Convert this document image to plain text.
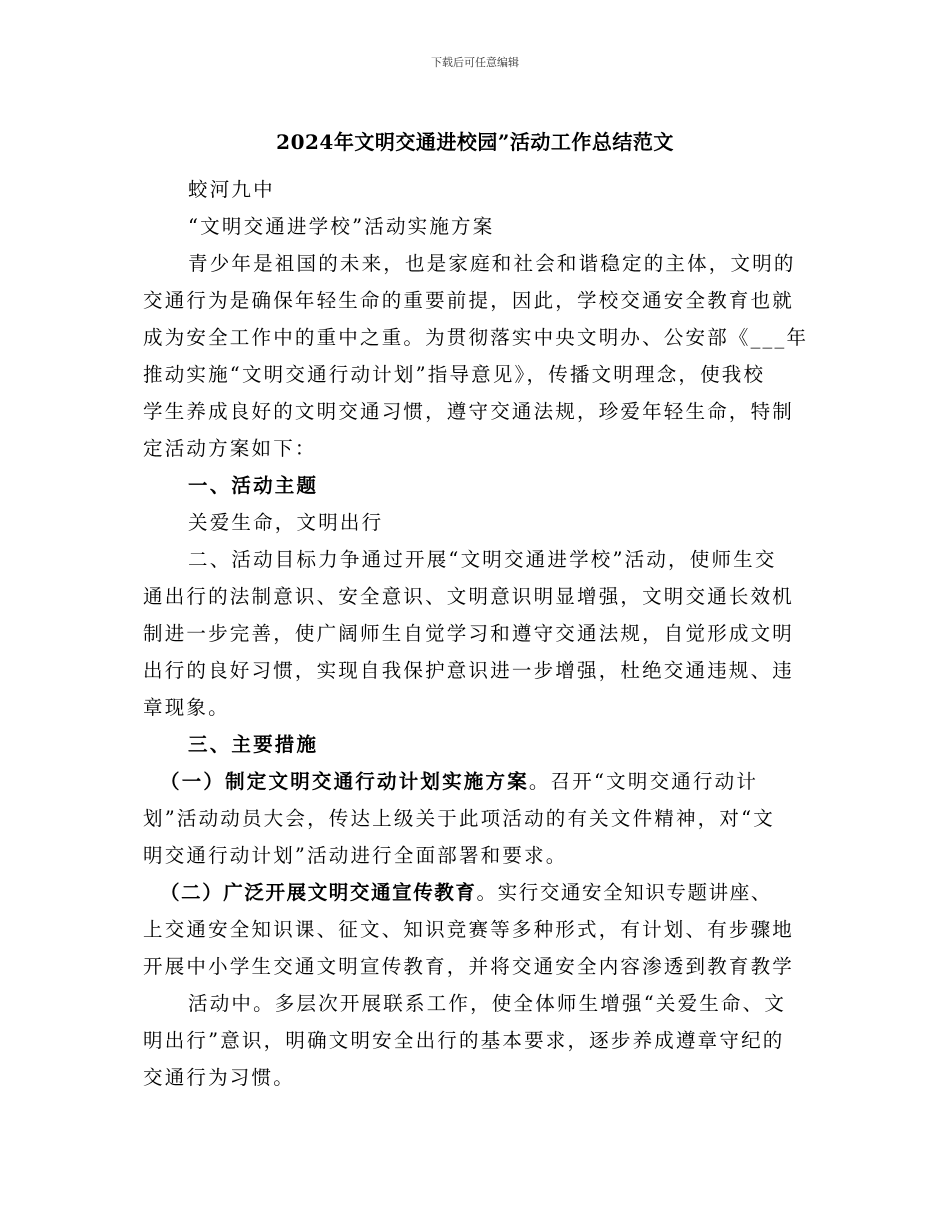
下载后可任意编辑
2024年文明交通进校园”活动工作总结范文
蛟河九中
“文明交通进学校”活动实施方案
青少年是祖国的未来，也是家庭和社会和谐稳定的主体，文明的
交通行为是确保年轻生命的重要前提，因此，学校交通安全教育也就
成为安全工作中的重中之重。为贯彻落实中央文明办、公安部《___年
推动实施“文明交通行动计划”指导意见》，传播文明理念，使我校
学生养成良好的文明交通习惯，遵守交通法规，珍爱年轻生命，特制
定活动方案如下：
一、活动主题
关爱生命，文明出行
二、活动目标力争通过开展“文明交通进学校”活动，使师生交
通出行的法制意识、安全意识、文明意识明显增强，文明交通长效机
制进一步完善，使广阔师生自觉学习和遵守交通法规，自觉形成文明
出行的良好习惯，实现自我保护意识进一步增强，杜绝交通违规、违
章现象。
三、主要措施
（一）制定文明交通行动计划实施方案。召开“文明交通行动计
划”活动动员大会，传达上级关于此项活动的有关文件精神，对“文
明交通行动计划”活动进行全面部署和要求。
（二）广泛开展文明交通宣传教育。实行交通安全知识专题讲座、
上交通安全知识课、征文、知识竞赛等多种形式，有计划、有步骤地
开展中小学生交通文明宣传教育，并将交通安全内容渗透到教育教学
活动中。多层次开展联系工作，使全体师生增强“关爱生命、文
明出行”意识，明确文明安全出行的基本要求，逐步养成遵章守纪的
交通行为习惯。
